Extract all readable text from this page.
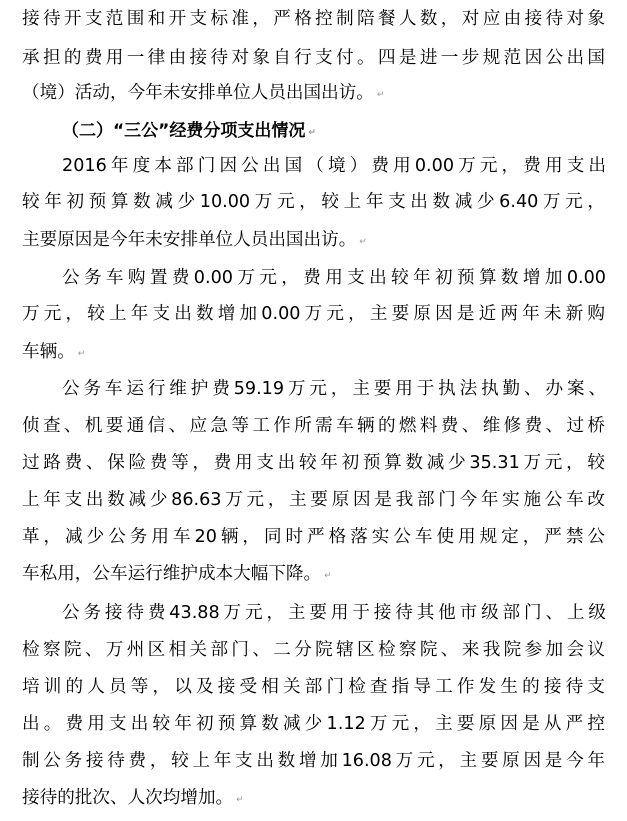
接待开支范围和开支标准，严格控制陪餐人数，对应由接待对象
承担的费用一律由接待对象自行支付。四是进一步规范因公出国
（境）活动，今年未安排单位人员出国出访。 ↵
（二）“三公”经费分项支出情况 ↵
2016年度本部门因公出国（境）费用0.00万元，费用支出
较年初预算数减少10.00万元，较上年支出数减少6.40万元，
主要原因是今年未安排单位人员出国出访。 ↵
公务车购置费0.00万元，费用支出较年初预算数增加0.00
万元，较上年支出数增加0.00万元，主要原因是近两年未新购
车辆。 ↵
公务车运行维护费59.19万元，主要用于执法执勤、办案、
侦查、机要通信、应急等工作所需车辆的燃料费、维修费、过桥
过路费、保险费等，费用支出较年初预算数减少35.31万元，较
上年支出数减少86.63万元，主要原因是我部门今年实施公车改
革，减少公务用车20辆，同时严格落实公车使用规定，严禁公
车私用，公车运行维护成本大幅下降。 ↵
公务接待费43.88万元，主要用于接待其他市级部门、上级
检察院、万州区相关部门、二分院辖区检察院、来我院参加会议
培训的人员等，以及接受相关部门检查指导工作发生的接待支
出。费用支出较年初预算数减少1.12万元，主要原因是从严控
制公务接待费，较上年支出数增加16.08万元，主要原因是今年
接待的批次、人次均增加。 ↵
